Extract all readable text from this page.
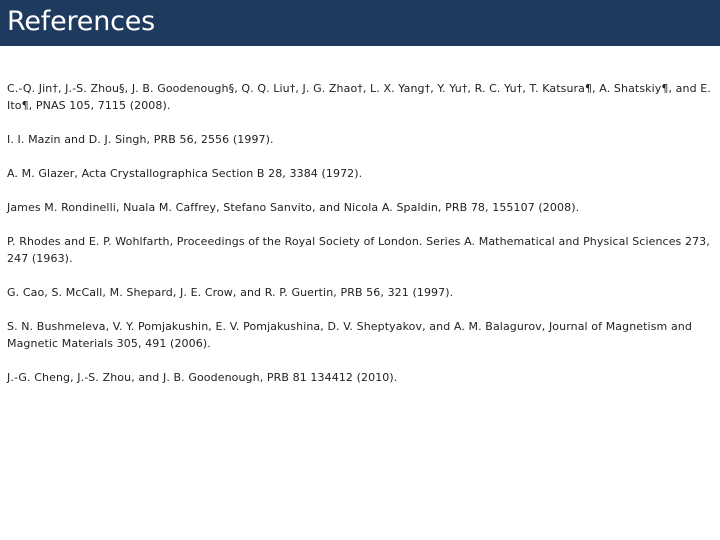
References

C.-Q. Jin†, J.-S. Zhou§, J. B. Goodenough§, Q. Q. Liu†, J. G. Zhao†, L. X. Yang†, Y. Yu†, R. C. Yu†, T. Katsura¶, A. Shatskiy¶, and E. Ito¶, PNAS 105, 7115 (2008).

I. I. Mazin and D. J. Singh, PRB 56, 2556 (1997).

A. M. Glazer, Acta Crystallographica Section B 28, 3384 (1972).

James M. Rondinelli, Nuala M. Caffrey, Stefano Sanvito, and Nicola A. Spaldin, PRB 78, 155107 (2008).

P. Rhodes and E. P. Wohlfarth, Proceedings of the Royal Society of London. Series A. Mathematical and Physical Sciences 273, 247 (1963).

G. Cao, S. McCall, M. Shepard, J. E. Crow, and R. P. Guertin, PRB 56, 321 (1997).

S. N. Bushmeleva, V. Y. Pomjakushin, E. V. Pomjakushina, D. V. Sheptyakov, and A. M. Balagurov, Journal of Magnetism and Magnetic Materials 305, 491 (2006).

J.-G. Cheng, J.-S. Zhou, and J. B. Goodenough, PRB 81 134412 (2010).
